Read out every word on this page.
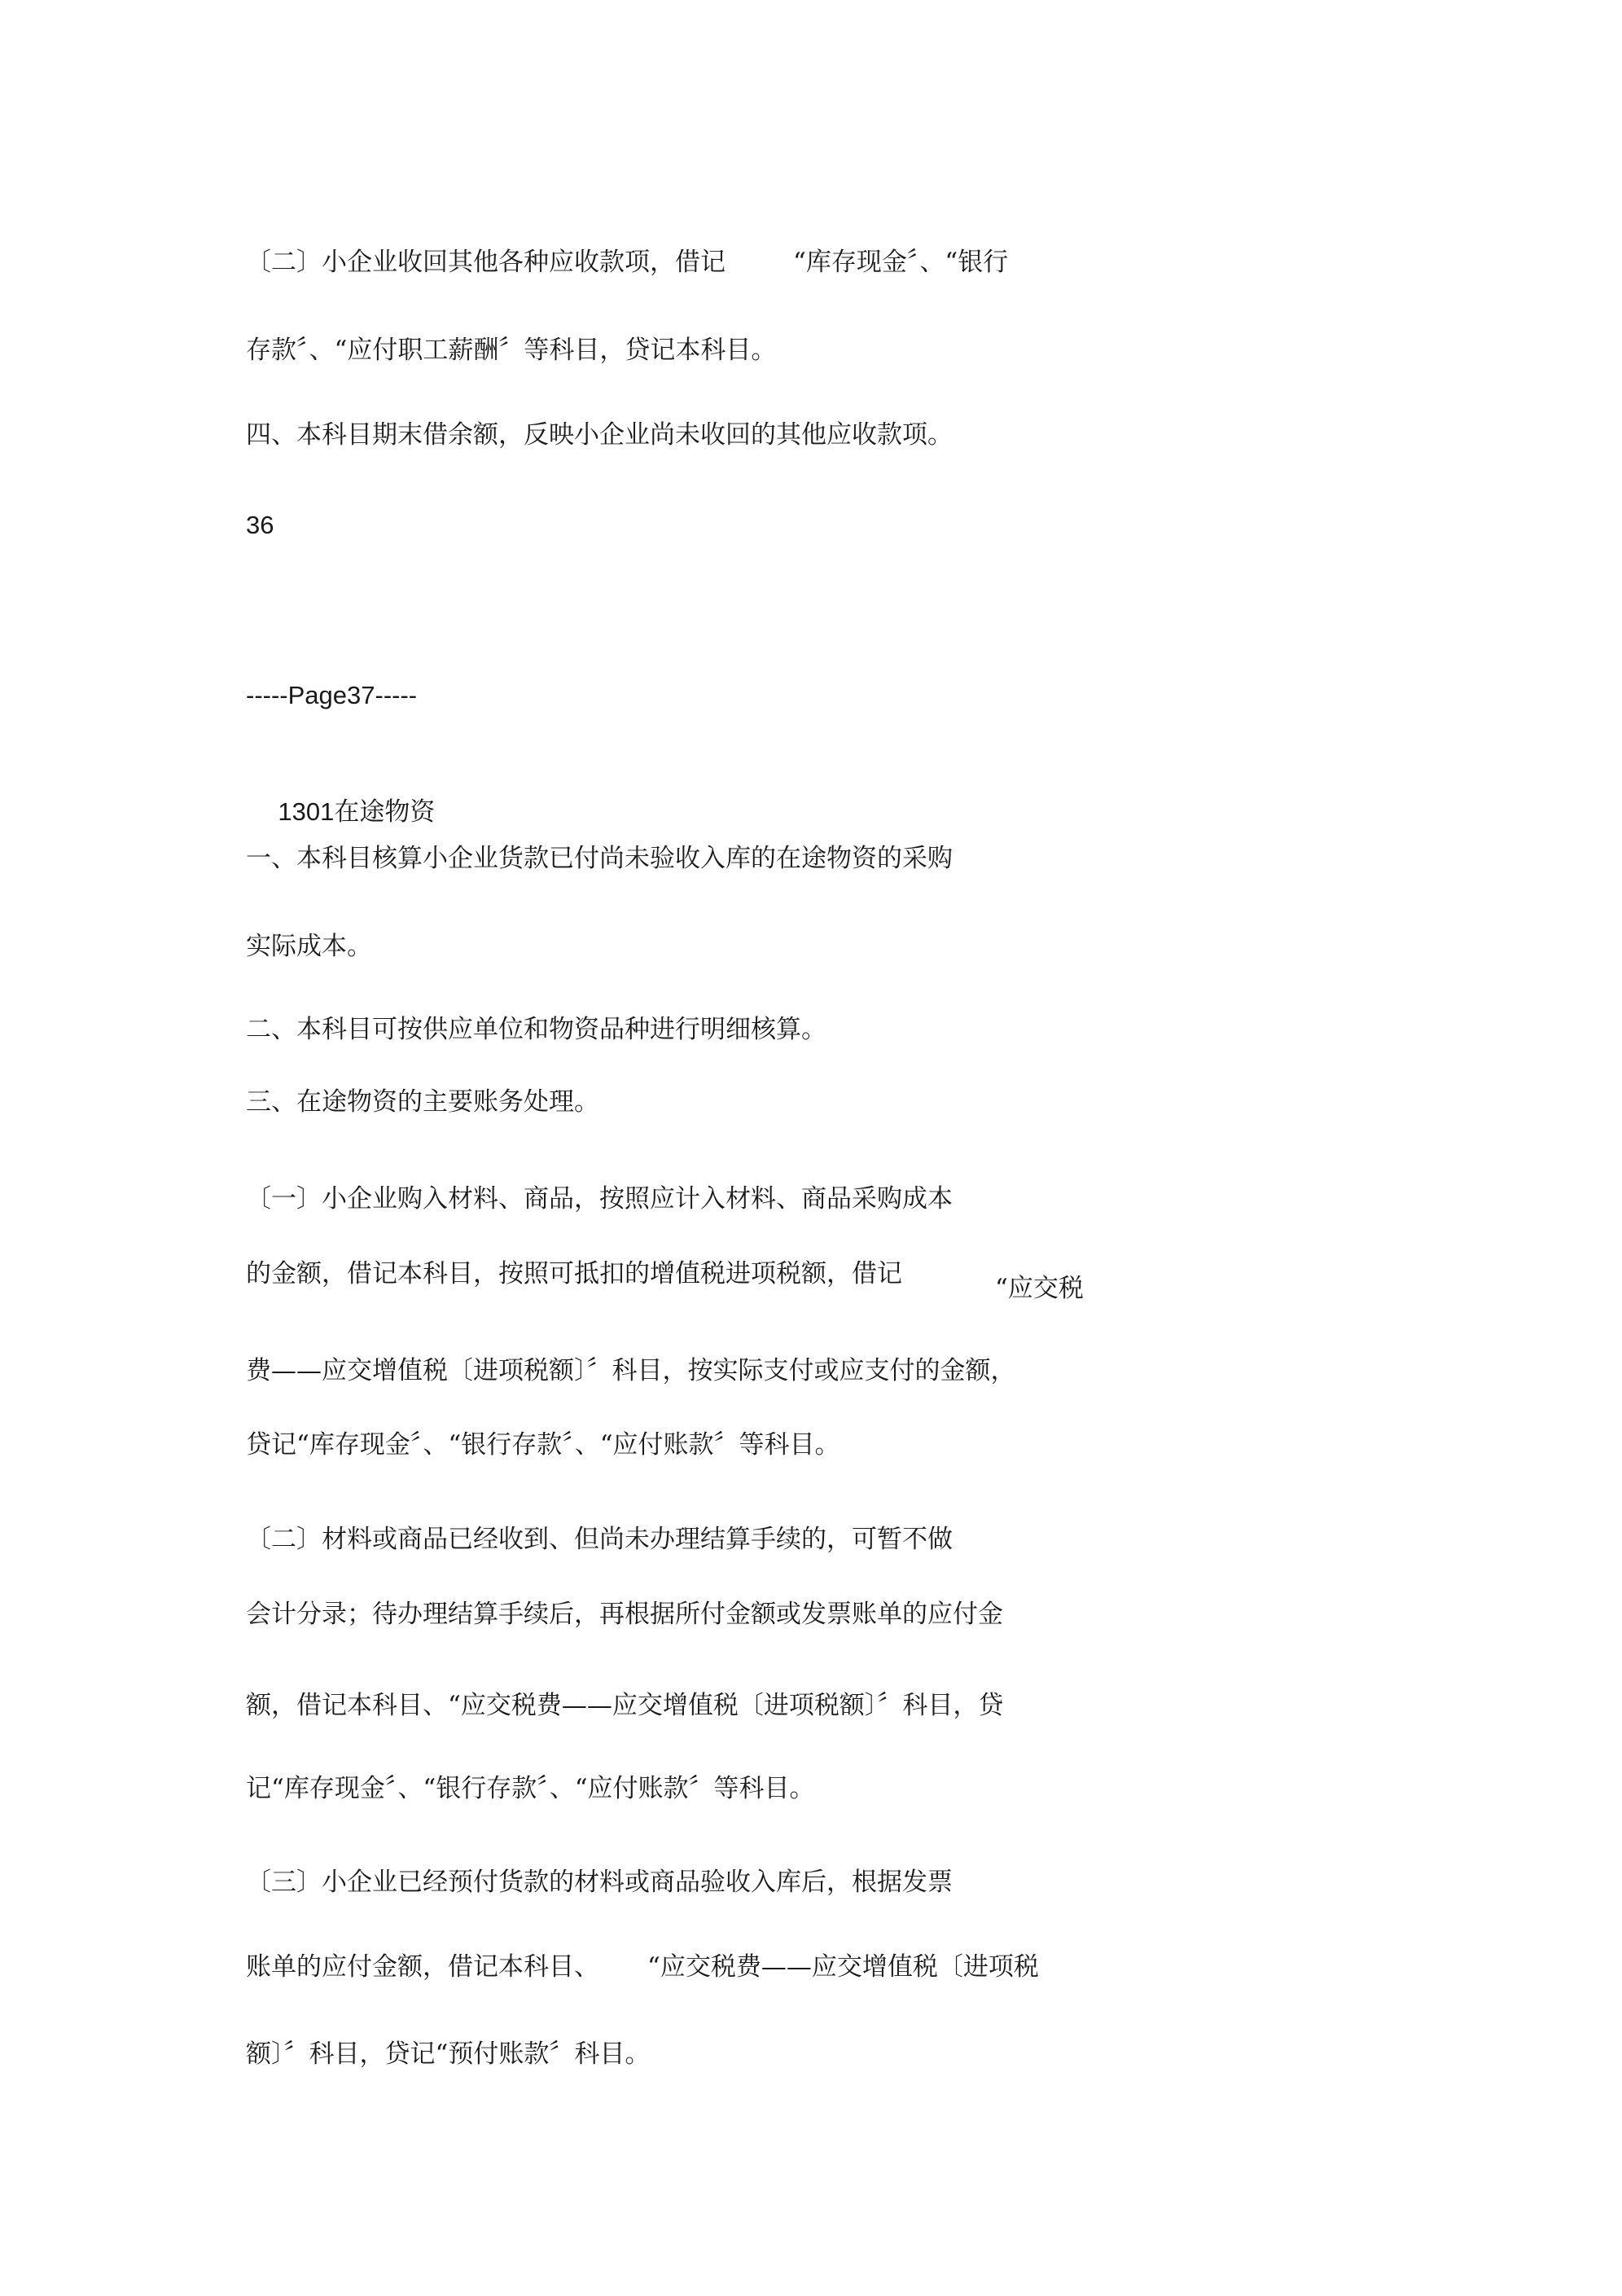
〔二〕小企业收回其他各种应收款项，借记	“库存现金〞、“银行
存款〞、“应付职工薪酬〞等科目，贷记本科目。
四、本科目期末借余额，反映小企业尚未收回的其他应收款项。
36
-----Page37-----

1301在途物资

一、本科目核算小企业货款已付尚未验收入库的在途物资的采购
实际成本。
二、本科目可按供应单位和物资品种进行明细核算。
三、在途物资的主要账务处理。
〔一〕小企业购入材料、商品，按照应计入材料、商品采购成本
的金额，借记本科目，按照可抵扣的增值税进项税额，借记	“应交税
费——应交增值税〔进项税额〕〞科目，按实际支付或应支付的金额，
贷记“库存现金〞、“银行存款〞、“应付账款〞等科目。
〔二〕材料或商品已经收到、但尚未办理结算手续的，可暂不做
会计分录；待办理结算手续后，再根据所付金额或发票账单的应付金
额，借记本科目、“应交税费——应交增值税〔进项税额〕〞科目，贷
记“库存现金〞、“银行存款〞、“应付账款〞等科目。
〔三〕小企业已经预付货款的材料或商品验收入库后，根据发票
账单的应付金额，借记本科目、 “应交税费——应交增值税〔进项税
额〕〞科目，贷记“预付账款〞科目。
